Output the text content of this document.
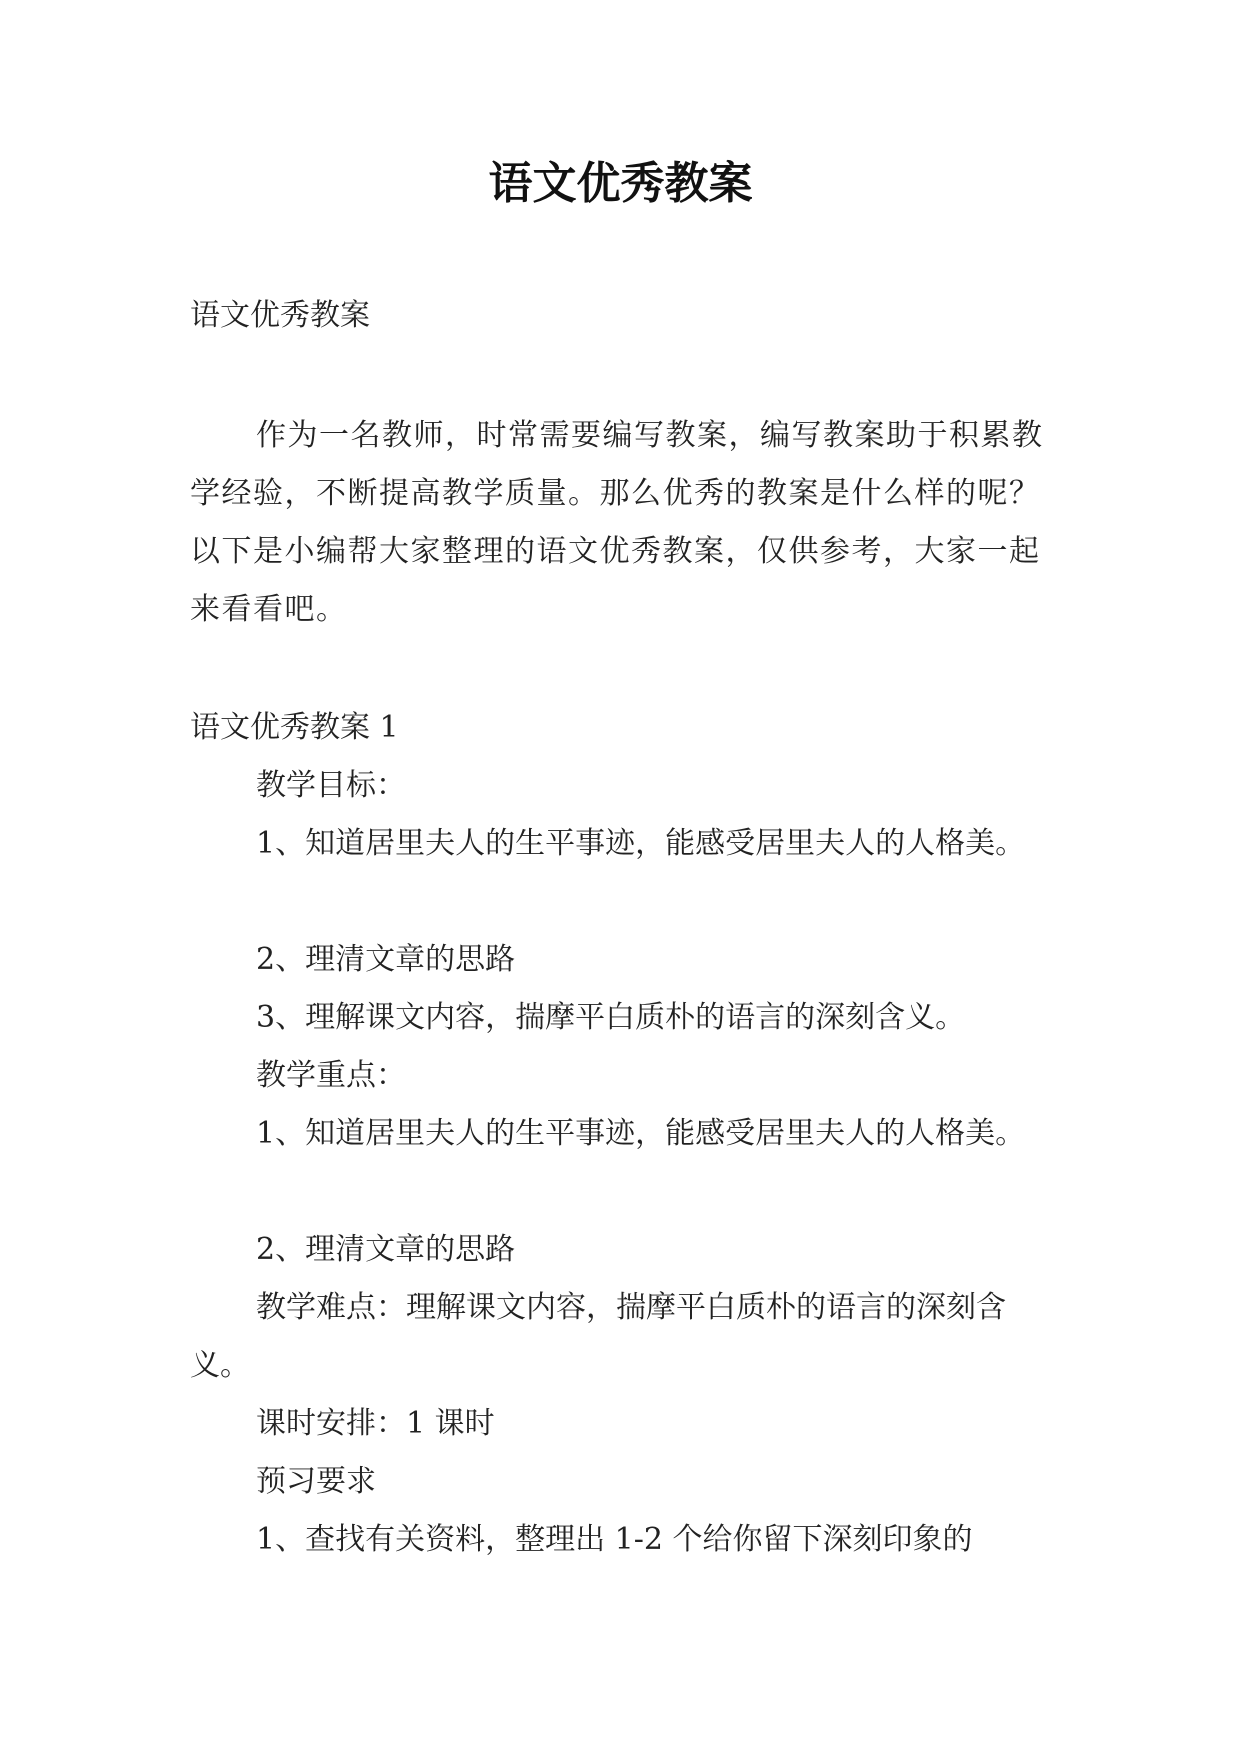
语文优秀教案

语文优秀教案

作为一名教师，时常需要编写教案，编写教案助于积累教学经验，不断提高教学质量。那么优秀的教案是什么样的呢？以下是小编帮大家整理的语文优秀教案，仅供参考，大家一起来看看吧。

语文优秀教案 1

教学目标：

1、知道居里夫人的生平事迹，能感受居里夫人的人格美。

2、理清文章的思路

3、理解课文内容，揣摩平白质朴的语言的深刻含义。

教学重点：

1、知道居里夫人的生平事迹，能感受居里夫人的人格美。

2、理清文章的思路

教学难点：理解课文内容，揣摩平白质朴的语言的深刻含义。

课时安排：1 课时

预习要求

1、查找有关资料，整理出 1-2 个给你留下深刻印象的
